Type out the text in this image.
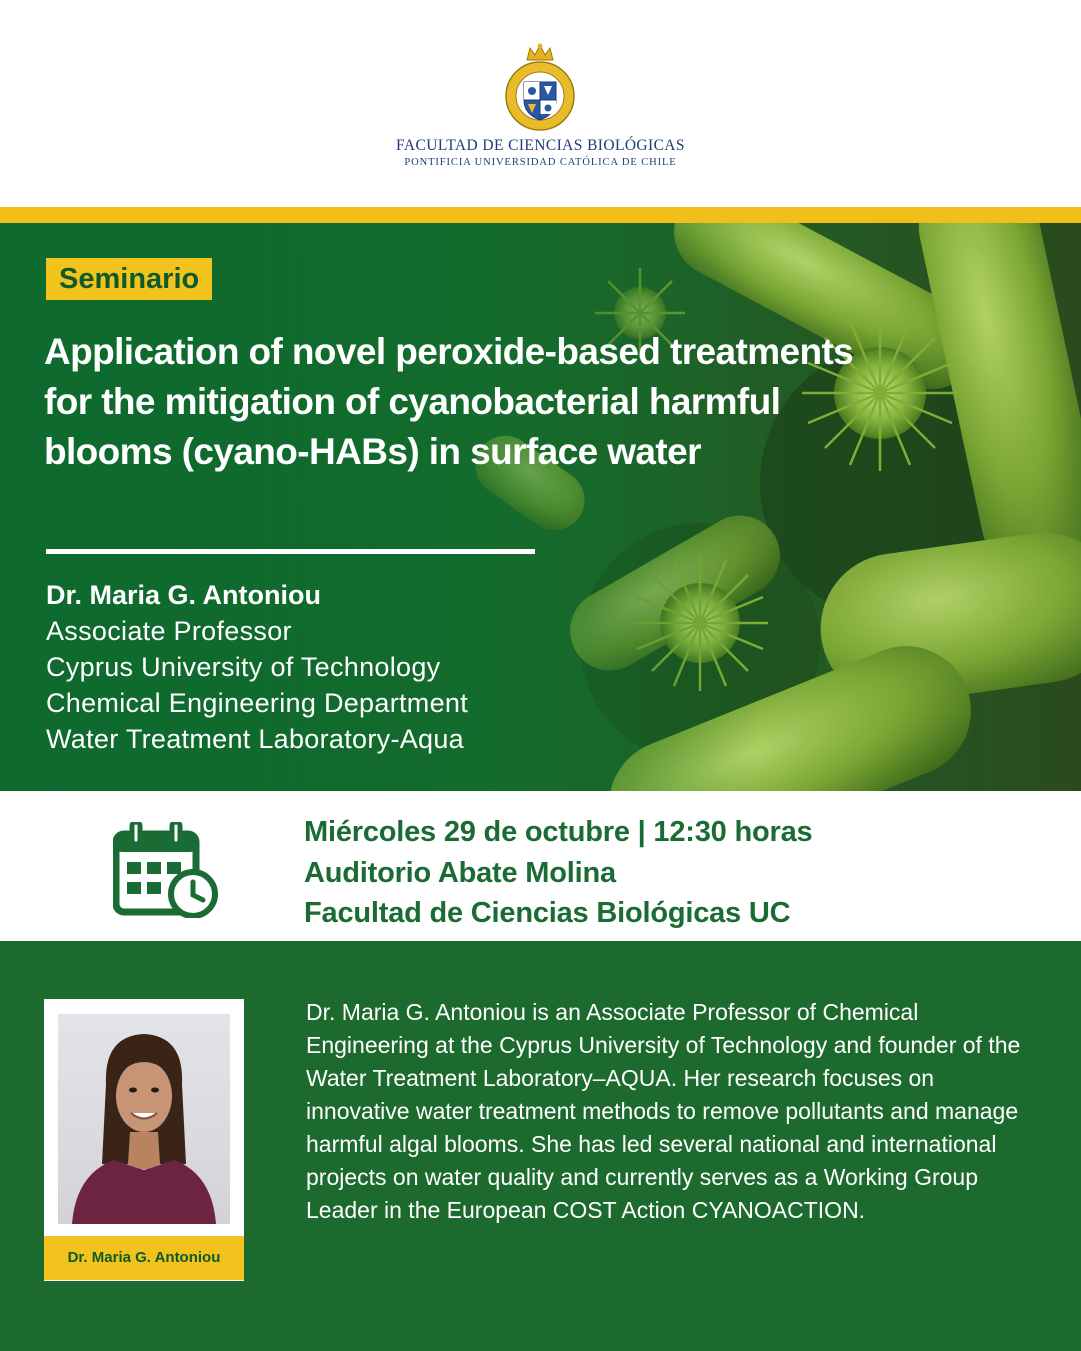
FACULTAD DE CIENCIAS BIOLÓGICAS
PONTIFICIA UNIVERSIDAD CATÓLICA DE CHILE
Seminario
Application of novel peroxide-based treatments for the mitigation of cyanobacterial harmful blooms (cyano-HABs) in surface water
Dr. Maria G. Antoniou
Associate Professor
Cyprus University of Technology
Chemical Engineering Department
Water Treatment Laboratory-Aqua
Miércoles 29 de octubre | 12:30 horas
Auditorio Abate Molina
Facultad de Ciencias Biológicas UC
Dr. Maria G. Antoniou

Dr. Maria G. Antoniou is an Associate Professor of Chemical Engineering at the Cyprus University of Technology and founder of the Water Treatment Laboratory–AQUA. Her research focuses on innovative water treatment methods to remove pollutants and manage harmful algal blooms. She has led several national and international projects on water quality and currently serves as a Working Group Leader in the European COST Action CYANOACTION.
